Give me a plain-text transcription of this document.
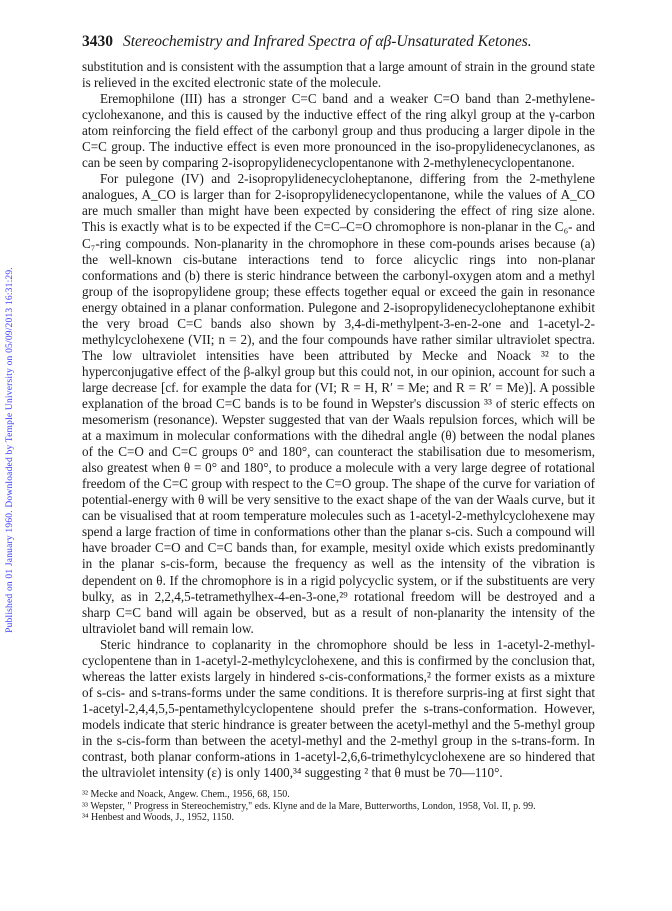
Published on 01 January 1960. Downloaded by Temple University on 05/09/2013 16:31:29.
3430 Stereochemistry and Infrared Spectra of αβ-Unsaturated Ketones.

substitution and is consistent with the assumption that a large amount of strain in the ground state is relieved in the excited electronic state of the molecule.

Eremophilone (III) has a stronger C=C band and a weaker C=O band than 2-methylene-cyclohexanone, and this is caused by the inductive effect of the ring alkyl group at the γ-carbon atom reinforcing the field effect of the carbonyl group and thus producing a larger dipole in the C=C group. The inductive effect is even more pronounced in the iso-propylidenecyclanones, as can be seen by comparing 2-isopropylidenecyclopentanone with 2-methylenecyclopentanone.

For pulegone (IV) and 2-isopropylidenecycloheptanone, differing from the 2-methylene analogues, A_CO is larger than for 2-isopropylidenecyclopentanone, while the values of A_CO are much smaller than might have been expected by considering the effect of ring size alone. This is exactly what is to be expected if the C=C–C=O chromophore is non-planar in the C₆- and C₇-ring compounds. Non-planarity in the chromophore in these com-pounds arises because (a) the well-known cis-butane interactions tend to force alicyclic rings into non-planar conformations and (b) there is steric hindrance between the carbonyl-oxygen atom and a methyl group of the isopropylidene group; these effects together equal or exceed the gain in resonance energy obtained in a planar conformation. Pulegone and 2-isopropylidenecycloheptanone exhibit the very broad C=C bands also shown by 3,4-di-methylpent-3-en-2-one and 1-acetyl-2-methylcyclohexene (VII; n = 2), and the four compounds have rather similar ultraviolet spectra. The low ultraviolet intensities have been attributed by Mecke and Noack ³² to the hyperconjugative effect of the β-alkyl group but this could not, in our opinion, account for such a large decrease [cf. for example the data for (VI; R = H, R′ = Me; and R = R′ = Me)]. A possible explanation of the broad C=C bands is to be found in Wepster's discussion ³³ of steric effects on mesomerism (resonance). Wepster suggested that van der Waals repulsion forces, which will be at a maximum in molecular conformations with the dihedral angle (θ) between the nodal planes of the C=O and C=C groups 0° and 180°, can counteract the stabilisation due to mesomerism, also greatest when θ = 0° and 180°, to produce a molecule with a very large degree of rotational freedom of the C=C group with respect to the C=O group. The shape of the curve for variation of potential-energy with θ will be very sensitive to the exact shape of the van der Waals curve, but it can be visualised that at room temperature molecules such as 1-acetyl-2-methylcyclohexene may spend a large fraction of time in conformations other than the planar s-cis. Such a compound will have broader C=O and C=C bands than, for example, mesityl oxide which exists predominantly in the planar s-cis-form, because the frequency as well as the intensity of the vibration is dependent on θ. If the chromophore is in a rigid polycyclic system, or if the substituents are very bulky, as in 2,2,4,5-tetramethylhex-4-en-3-one,²⁹ rotational freedom will be destroyed and a sharp C=C band will again be observed, but as a result of non-planarity the intensity of the ultraviolet band will remain low.

Steric hindrance to coplanarity in the chromophore should be less in 1-acetyl-2-methyl-cyclopentene than in 1-acetyl-2-methylcyclohexene, and this is confirmed by the conclusion that, whereas the latter exists largely in hindered s-cis-conformations,² the former exists as a mixture of s-cis- and s-trans-forms under the same conditions. It is therefore surpris-ing at first sight that 1-acetyl-2,4,4,5,5-pentamethylcyclopentene should prefer the s-trans-conformation. However, models indicate that steric hindrance is greater between the acetyl-methyl and the 5-methyl group in the s-cis-form than between the acetyl-methyl and the 2-methyl group in the s-trans-form. In contrast, both planar conform-ations in 1-acetyl-2,6,6-trimethylcyclohexene are so hindered that the ultraviolet intensity (ε) is only 1400,³⁴ suggesting ² that θ must be 70—110°.

³² Mecke and Noack, Angew. Chem., 1956, 68, 150.
³³ Wepster, " Progress in Stereochemistry," eds. Klyne and de la Mare, Butterworths, London, 1958, Vol. II, p. 99.
³⁴ Henbest and Woods, J., 1952, 1150.
